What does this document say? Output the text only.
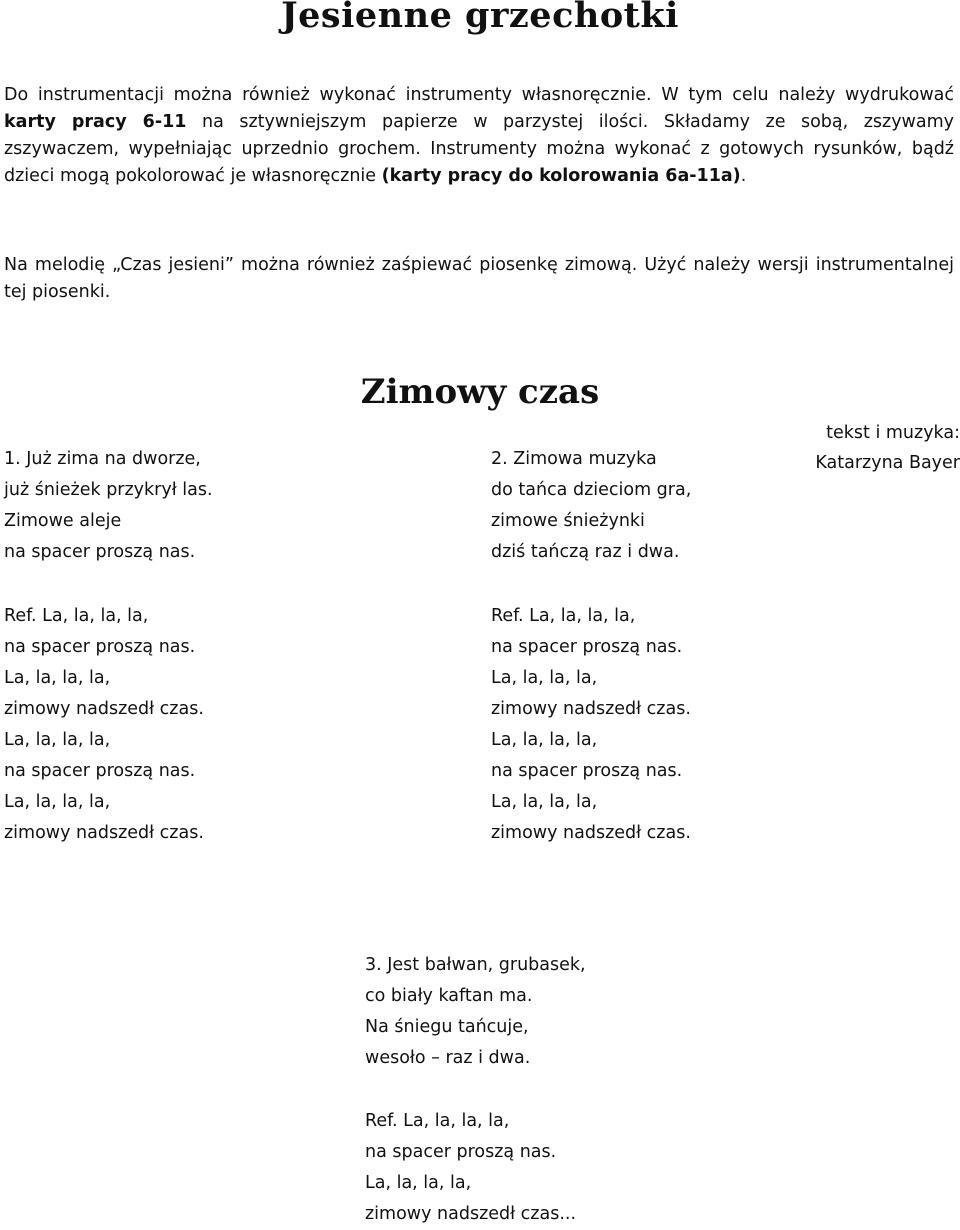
Jesienne grzechotki

Do instrumentacji można również wykonać instrumenty własnoręcznie. W tym celu należy wydrukować karty pracy 6-11 na sztywniejszym papierze w parzystej ilości. Składamy ze sobą, zszywamy zszywaczem, wypełniając uprzednio grochem. Instrumenty można wykonać z gotowych rysunków, bądź dzieci mogą pokolorować je własnoręcznie (karty pracy do kolorowania 6a-11a).

Na melodię „Czas jesieni” można również zaśpiewać piosenkę zimową. Użyć należy wersji instrumentalnej tej piosenki.

Zimowy czas
tekst i muzyka:
Katarzyna Bayer
1. Już zima na dworze,
już śnieżek przykrył las.
Zimowe aleje
na spacer proszą nas.
2. Zimowa muzyka
do tańca dzieciom gra,
zimowe śnieżynki
dziś tańczą raz i dwa.
Ref. La, la, la, la,
na spacer proszą nas.
La, la, la, la,
zimowy nadszedł czas.
La, la, la, la,
na spacer proszą nas.
La, la, la, la,
zimowy nadszedł czas.
Ref. La, la, la, la,
na spacer proszą nas.
La, la, la, la,
zimowy nadszedł czas.
La, la, la, la,
na spacer proszą nas.
La, la, la, la,
zimowy nadszedł czas.
3. Jest bałwan, grubasek,
co biały kaftan ma.
Na śniegu tańcuje,
wesoło – raz i dwa.
Ref. La, la, la, la,
na spacer proszą nas.
La, la, la, la,
zimowy nadszedł czas...
